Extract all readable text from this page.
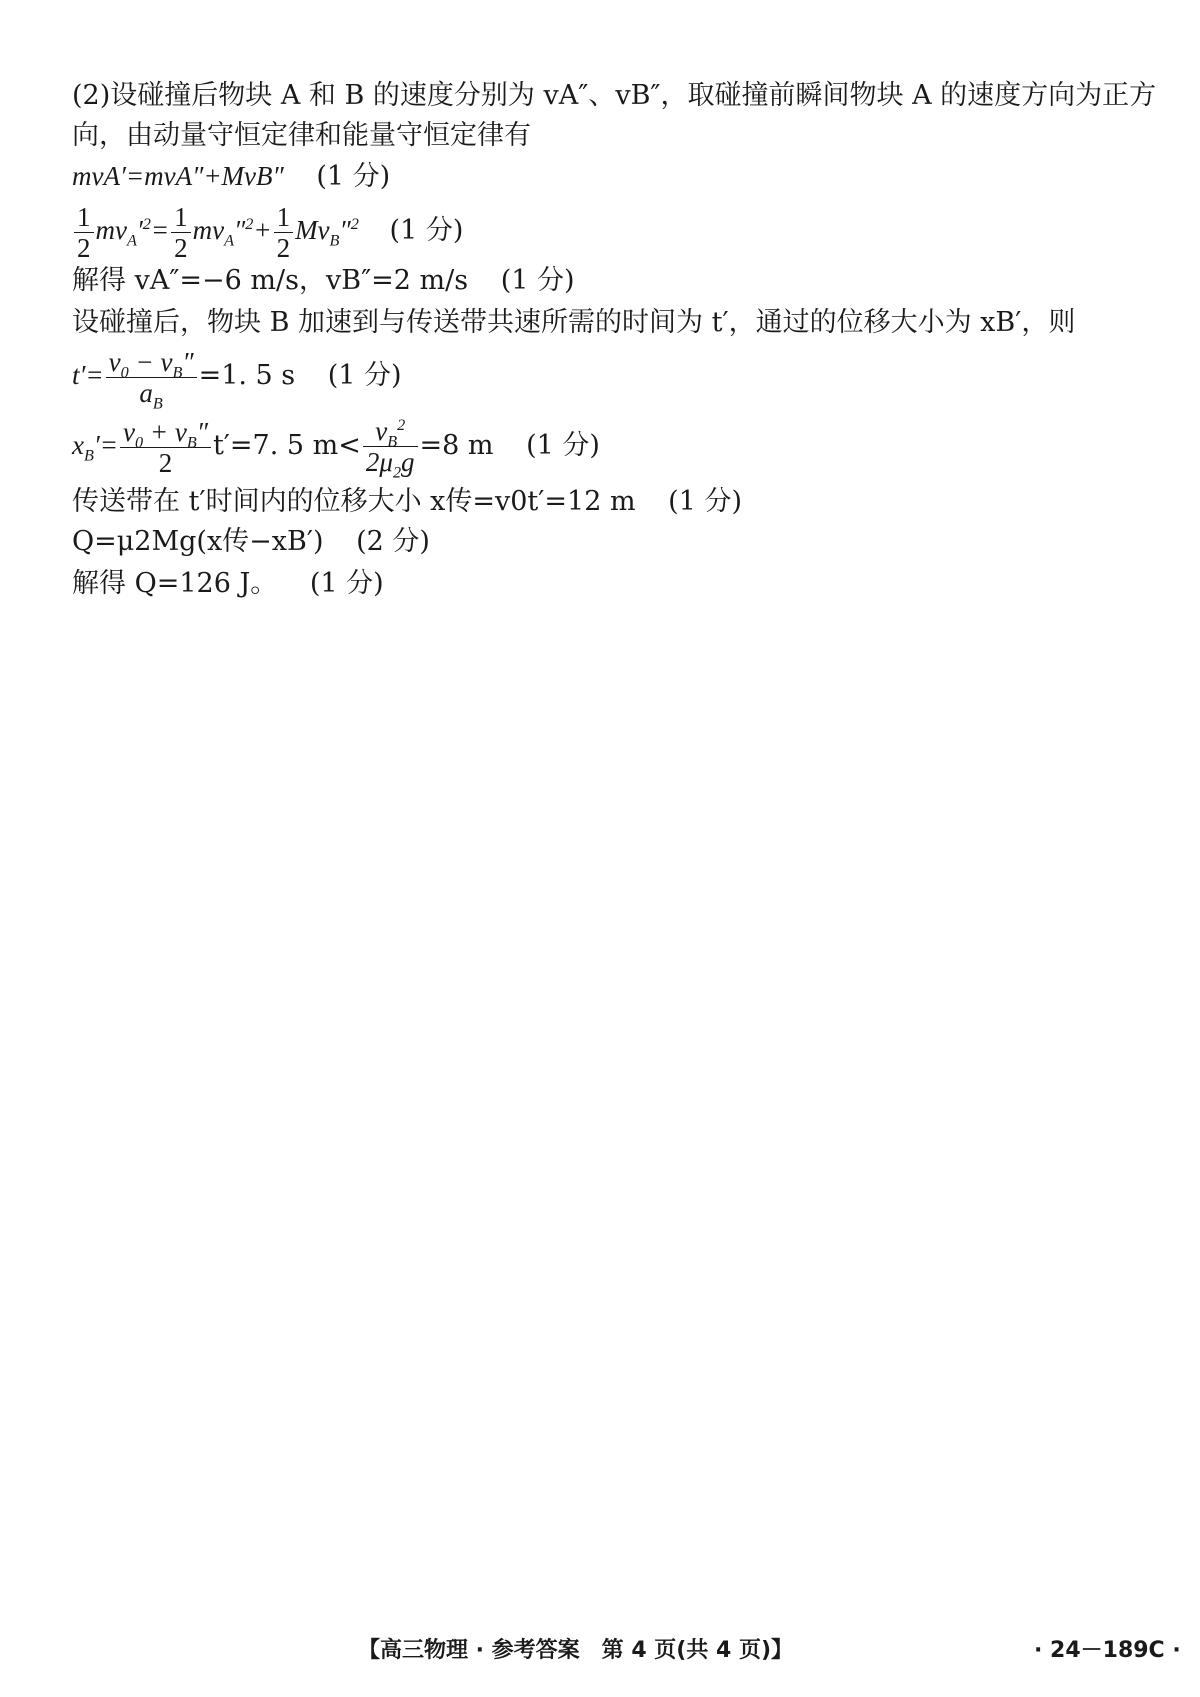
(2)设碰撞后物块 A 和 B 的速度分别为 vA″、vB″，取碰撞前瞬间物块 A 的速度方向为正方
向，由动量守恒定律和能量守恒定律有
mvA′=mvA″+MvB″ (1 分)
$\frac{1}{2} mv_A'^2= \frac{1}{2} mv_A''^2+ \frac{1}{2} Mv_B''^2$ (1 分)
解得 vA″=−6 m/s，vB″=2 m/s (1 分)
设碰撞后，物块 B 加速到与传送带共速所需的时间为 t′，通过的位移大小为 xB′，则
$t'= \frac{v_0 - v_B''}{a_B} =1$. 5 s (1 分)
$x_B'= \frac{v_0 + v_B''}{2} t'=7$. 5 $m< \frac{v_B^2}{2\mu_2g} =8$ m (1 分)
传送带在 t′时间内的位移大小 x传=v0t′=12 m (1 分)
Q=μ2Mg(x传−xB′) (2 分)
解得 Q=126 J。 (1 分)
【高三物理 · 参考答案　第 4 页(共 4 页)】	· 24－189C ·
